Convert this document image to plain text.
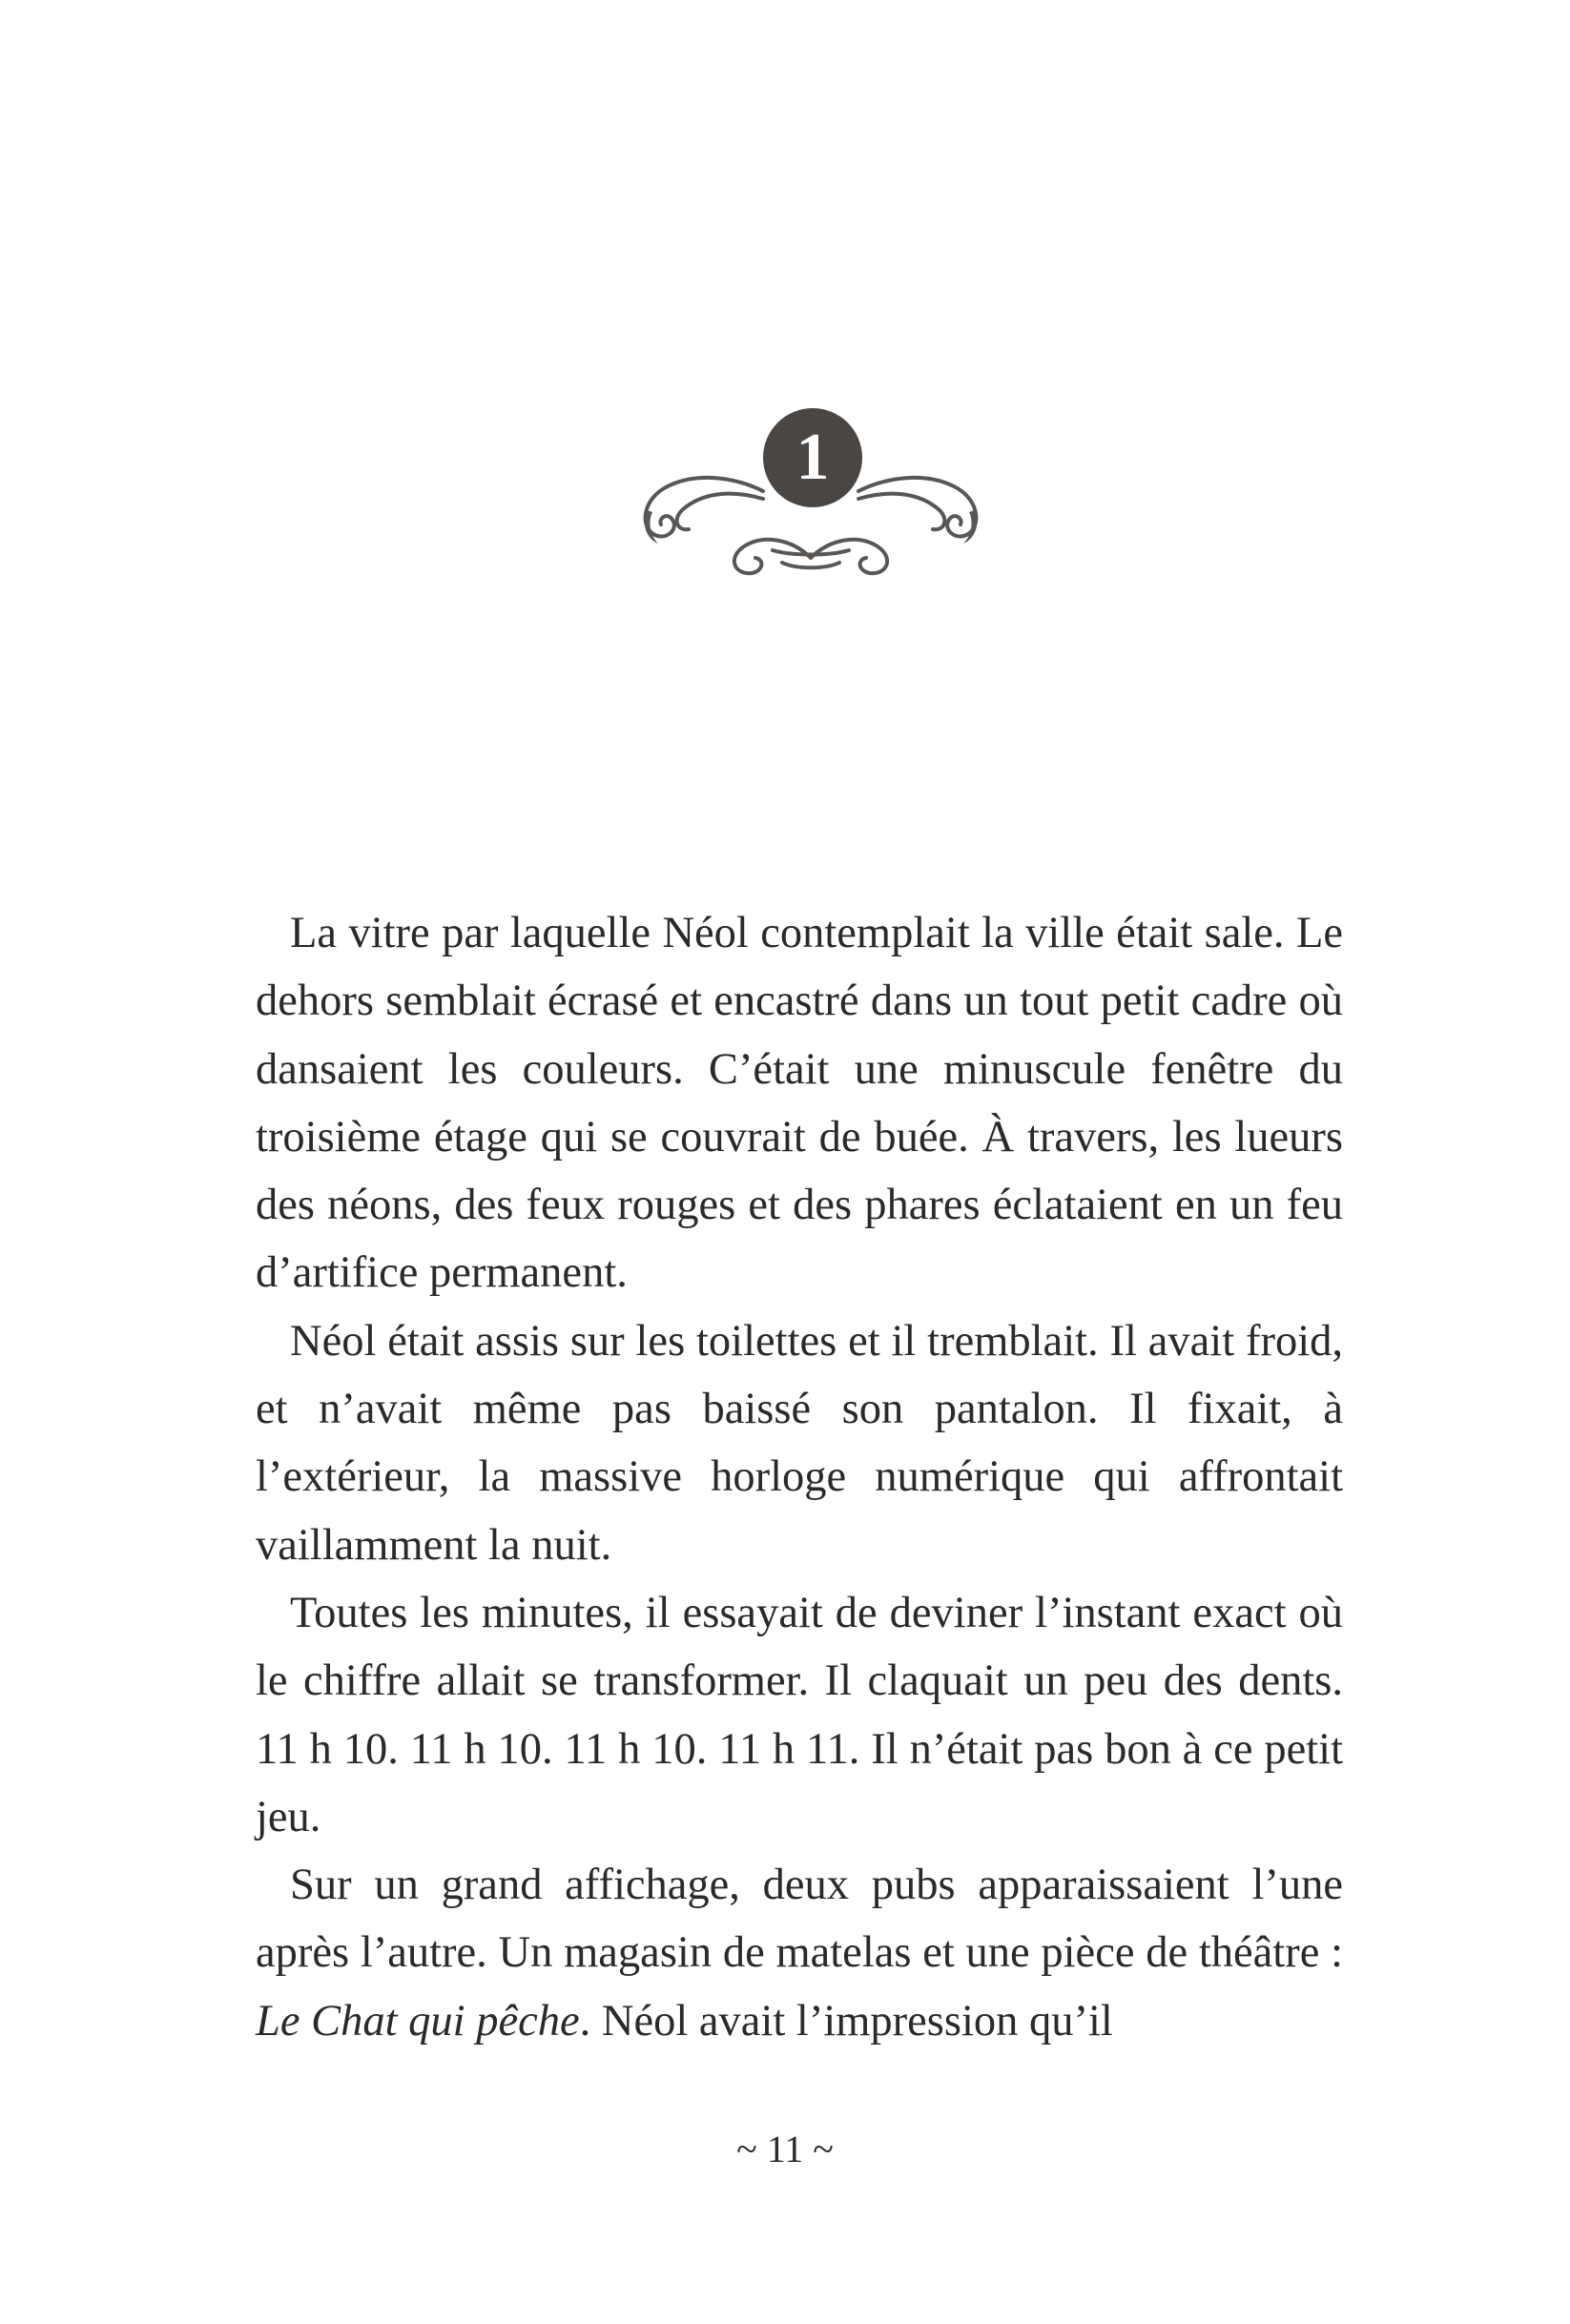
1

La vitre par laquelle Néol contemplait la ville était sale. Le dehors semblait écrasé et encastré dans un tout petit cadre où dansaient les couleurs. C’était une minuscule fenêtre du troisième étage qui se couvrait de buée. À travers, les lueurs des néons, des feux rouges et des phares éclataient en un feu d’artifice permanent.

Néol était assis sur les toilettes et il tremblait. Il avait froid, et n’avait même pas baissé son pantalon. Il fixait, à l’extérieur, la massive horloge numérique qui affrontait vaillamment la nuit.

Toutes les minutes, il essayait de deviner l’instant exact où le chiffre allait se transformer. Il claquait un peu des dents. 11 h 10. 11 h 10. 11 h 10. 11 h 11. Il n’était pas bon à ce petit jeu.

Sur un grand affichage, deux pubs apparaissaient l’une après l’autre. Un magasin de matelas et une pièce de théâtre : Le Chat qui pêche. Néol avait l’impression qu’il

~ 11 ~
